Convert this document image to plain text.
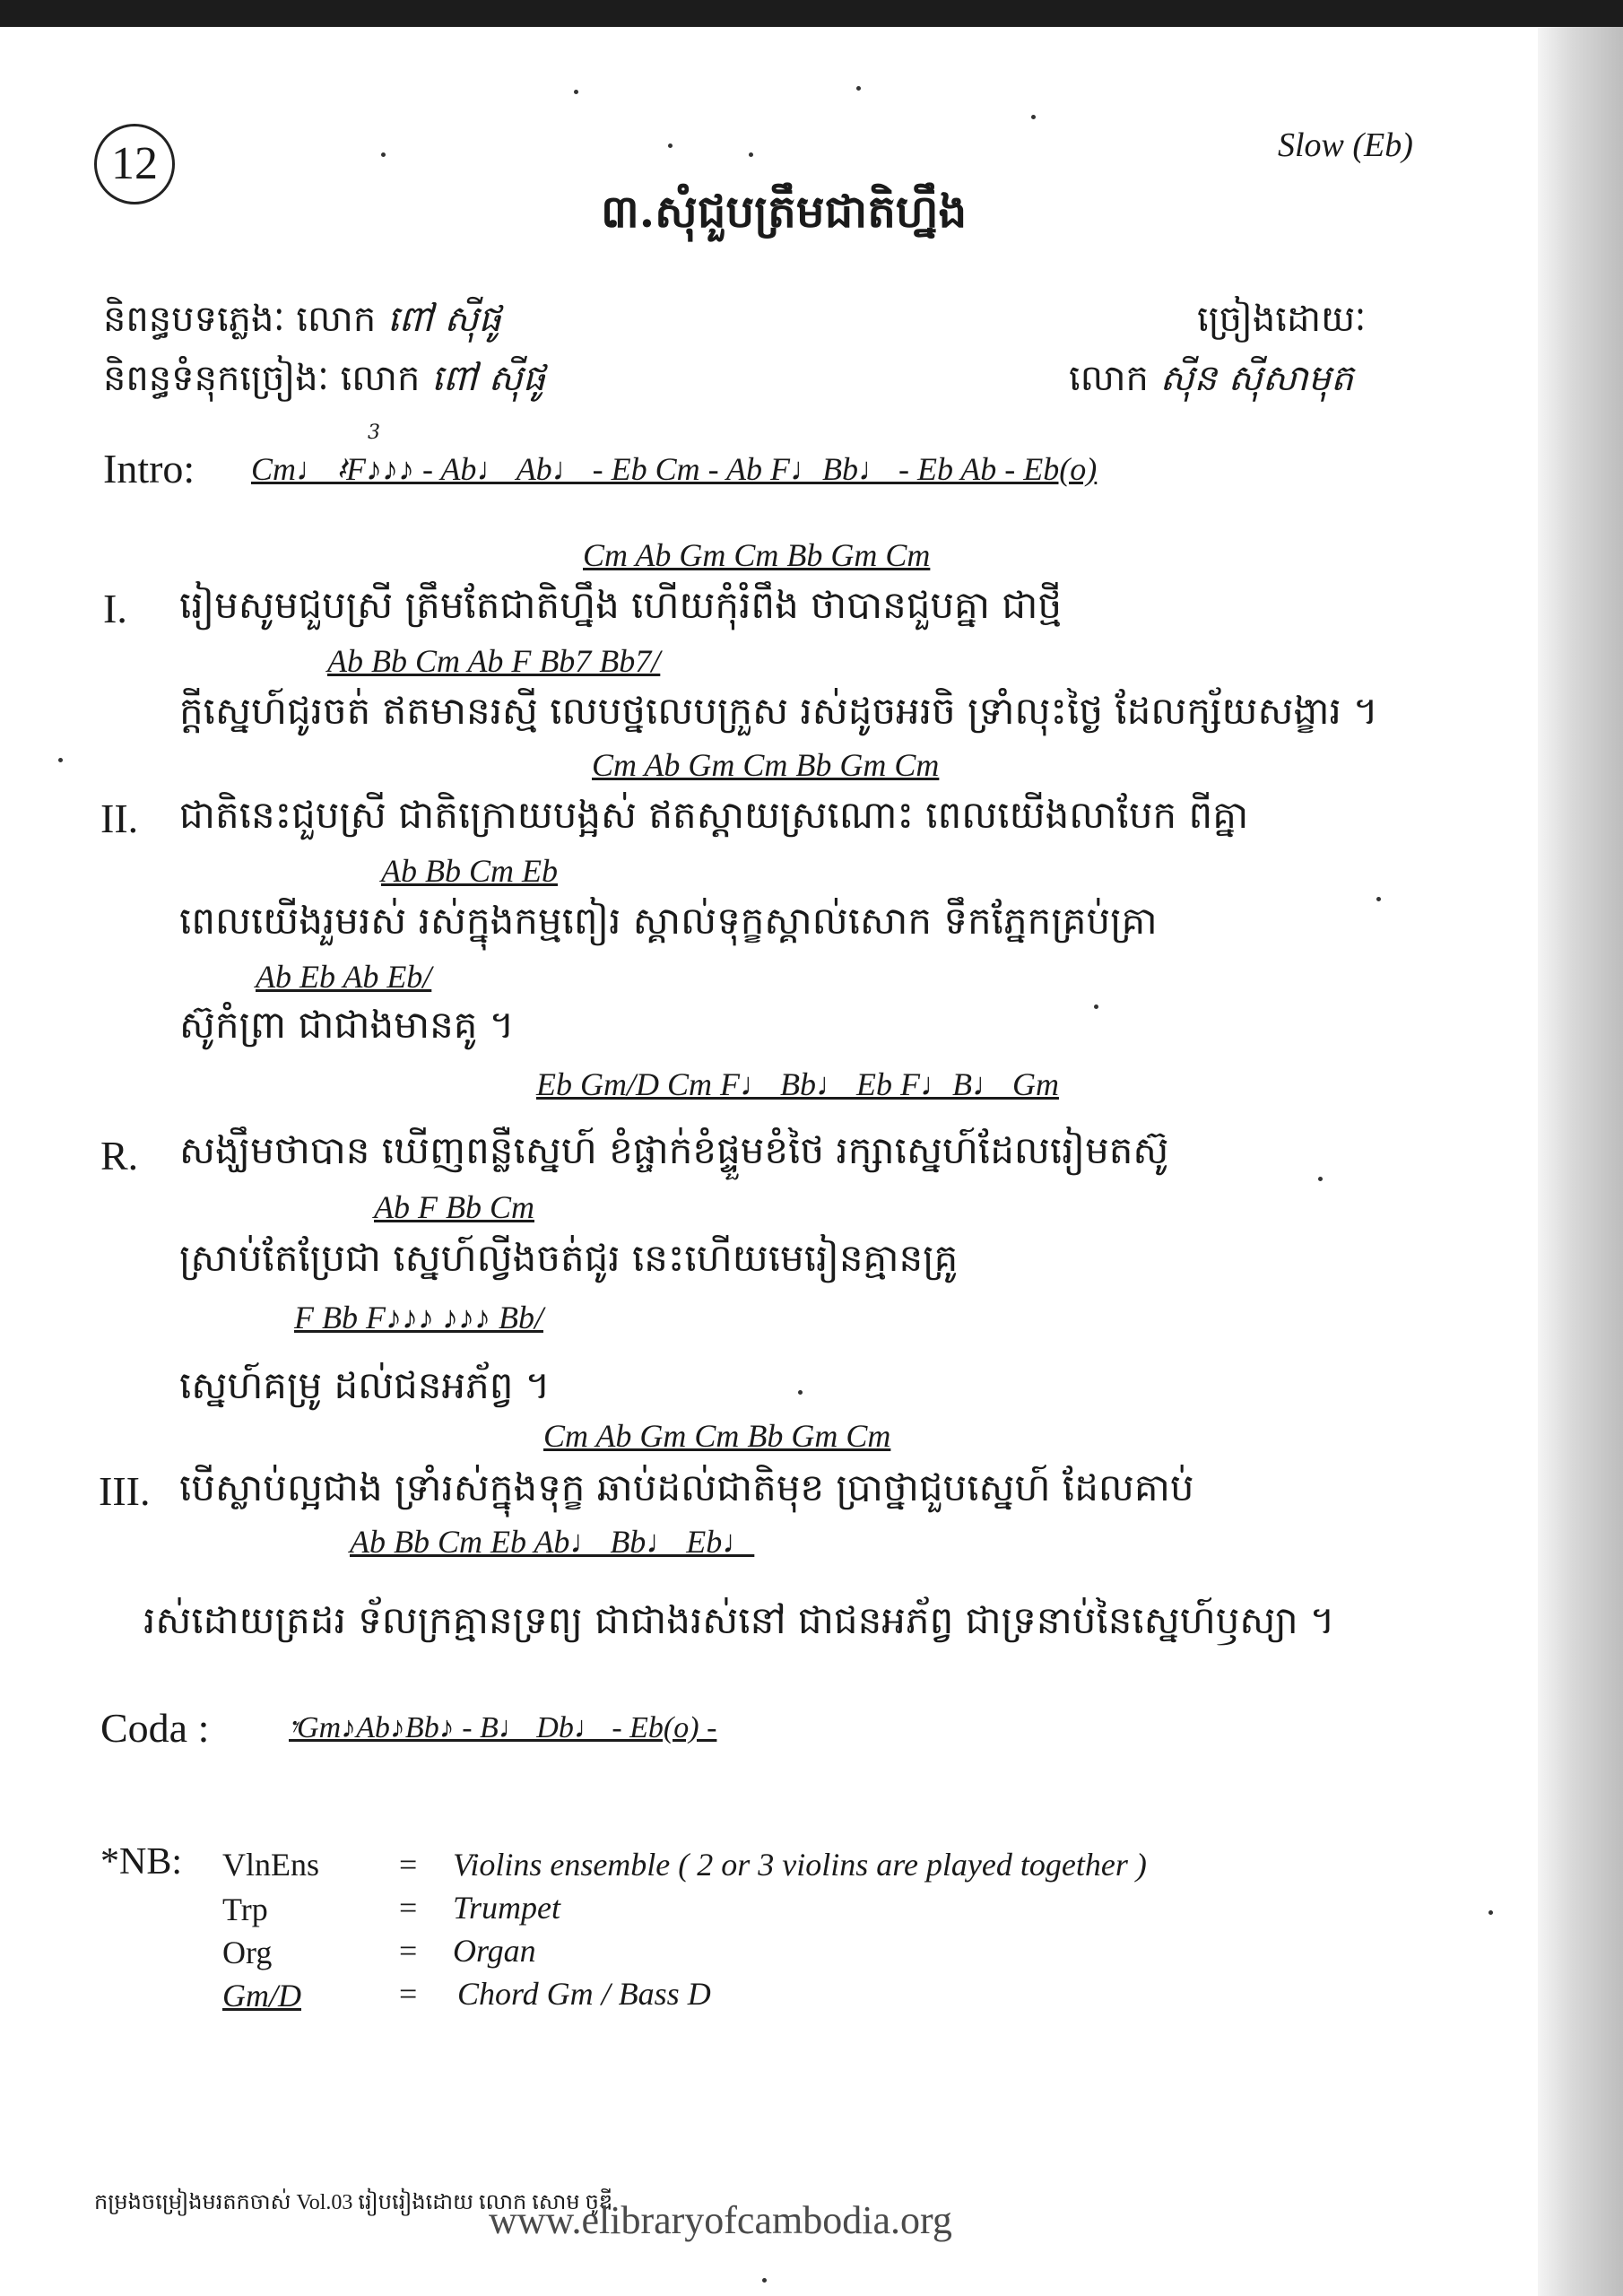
12	Slow (Eb)
៣.សុំជួបត្រឹមជាតិហ្នឹង
និពន្ធបទភ្លេងៈ លោក ពៅ ស៊ីផូ
និពន្ធទំនុកច្រៀងៈ លោក ពៅ ស៊ីផូ
ច្រៀងដោយៈ
លោក ស៊ីន ស៊ីសាមុត
Intro: Cm♩ 𝄽F♪♪♪ - Ab♩ Ab♩ - Eb Cm - Ab F♩Bb♩ - Eb Ab - Eb(o)
3
I.
Cm Ab Gm Cm Bb Gm Cm
រៀមសូមជួបស្រី ត្រឹមតែជាតិហ្នឹង ហើយកុំរំពឹង ថាបានជួបគ្នា ជាថ្មី
Ab Bb Cm Ab F Bb7 Bb7/
ក្តីស្នេហ៍ជូរចត់ ឥតមានរស្មី លេបថ្នលេបក្រួស រស់ដូចអរចិ ទ្រាំលុះថ្ងៃ ដែលក្ស័យសង្ខារ ។
II.
Cm Ab Gm Cm Bb Gm Cm
ជាតិនេះជួបស្រី ជាតិក្រោយបង្អស់ ឥតស្តាយស្រណោះ ពេលយើងលាបែក ពីគ្នា
Ab Bb Cm Eb
ពេលយើងរួមរស់ រស់ក្នុងកម្មពៀរ ស្គាល់ទុក្ខស្គាល់សោក ទឹកភ្នែកគ្រប់គ្រា
Ab Eb Ab Eb/
ស៊ូកំព្រា ជាជាងមានគូ ។
R.
Eb Gm/D Cm F♩ Bb♩ Eb F♩B♩ Gm
សង្ឃឹមថាបាន ឃើញពន្លឺស្នេហ៍ ខំផ្ចាក់ខំផ្ទួមខំថៃ រក្សាស្នេហ៍ដែលរៀមតស៊ូ
Ab F Bb Cm
ស្រាប់តែប្រែជា ស្នេហ៍ល្វីងចត់ជូរ នេះហើយមេរៀនគ្មានគ្រូ
F Bb F♪♪♪ ♪♪♪ Bb/
ស្នេហ៍គម្រូ ដល់ជនអភ័ព្វ ។
III.
Cm Ab Gm Cm Bb Gm Cm
បើស្លាប់ល្អជាង ទ្រាំរស់ក្នុងទុក្ខ ឆាប់ដល់ជាតិមុខ ប្រាថ្នាជួបស្នេហ៍ ដែលគាប់
Ab Bb Cm Eb Ab♩ Bb♩ Eb♩
រស់ដោយត្រដរ ទ័លក្រគ្មានទ្រព្យ ជាជាងរស់នៅ ជាជនអភ័ព្វ ជាទ្រនាប់នៃស្នេហ៍ឫស្យា ។
Coda :	𝄾Gm♪Ab♪Bb♪ - B♩ Db♩ - Eb(o) -
*NB: VlnEns = Violins ensemble ( 2 or 3 violins are played together )
Trp	= Trumpet
Org	= Organ
Gm/D	= Chord Gm / Bass D
កម្រងចម្រៀងមរតកចាស់ Vol.03 រៀបរៀងដោយ លោក សោម ចូឌី
www.elibraryofcambodia.org
